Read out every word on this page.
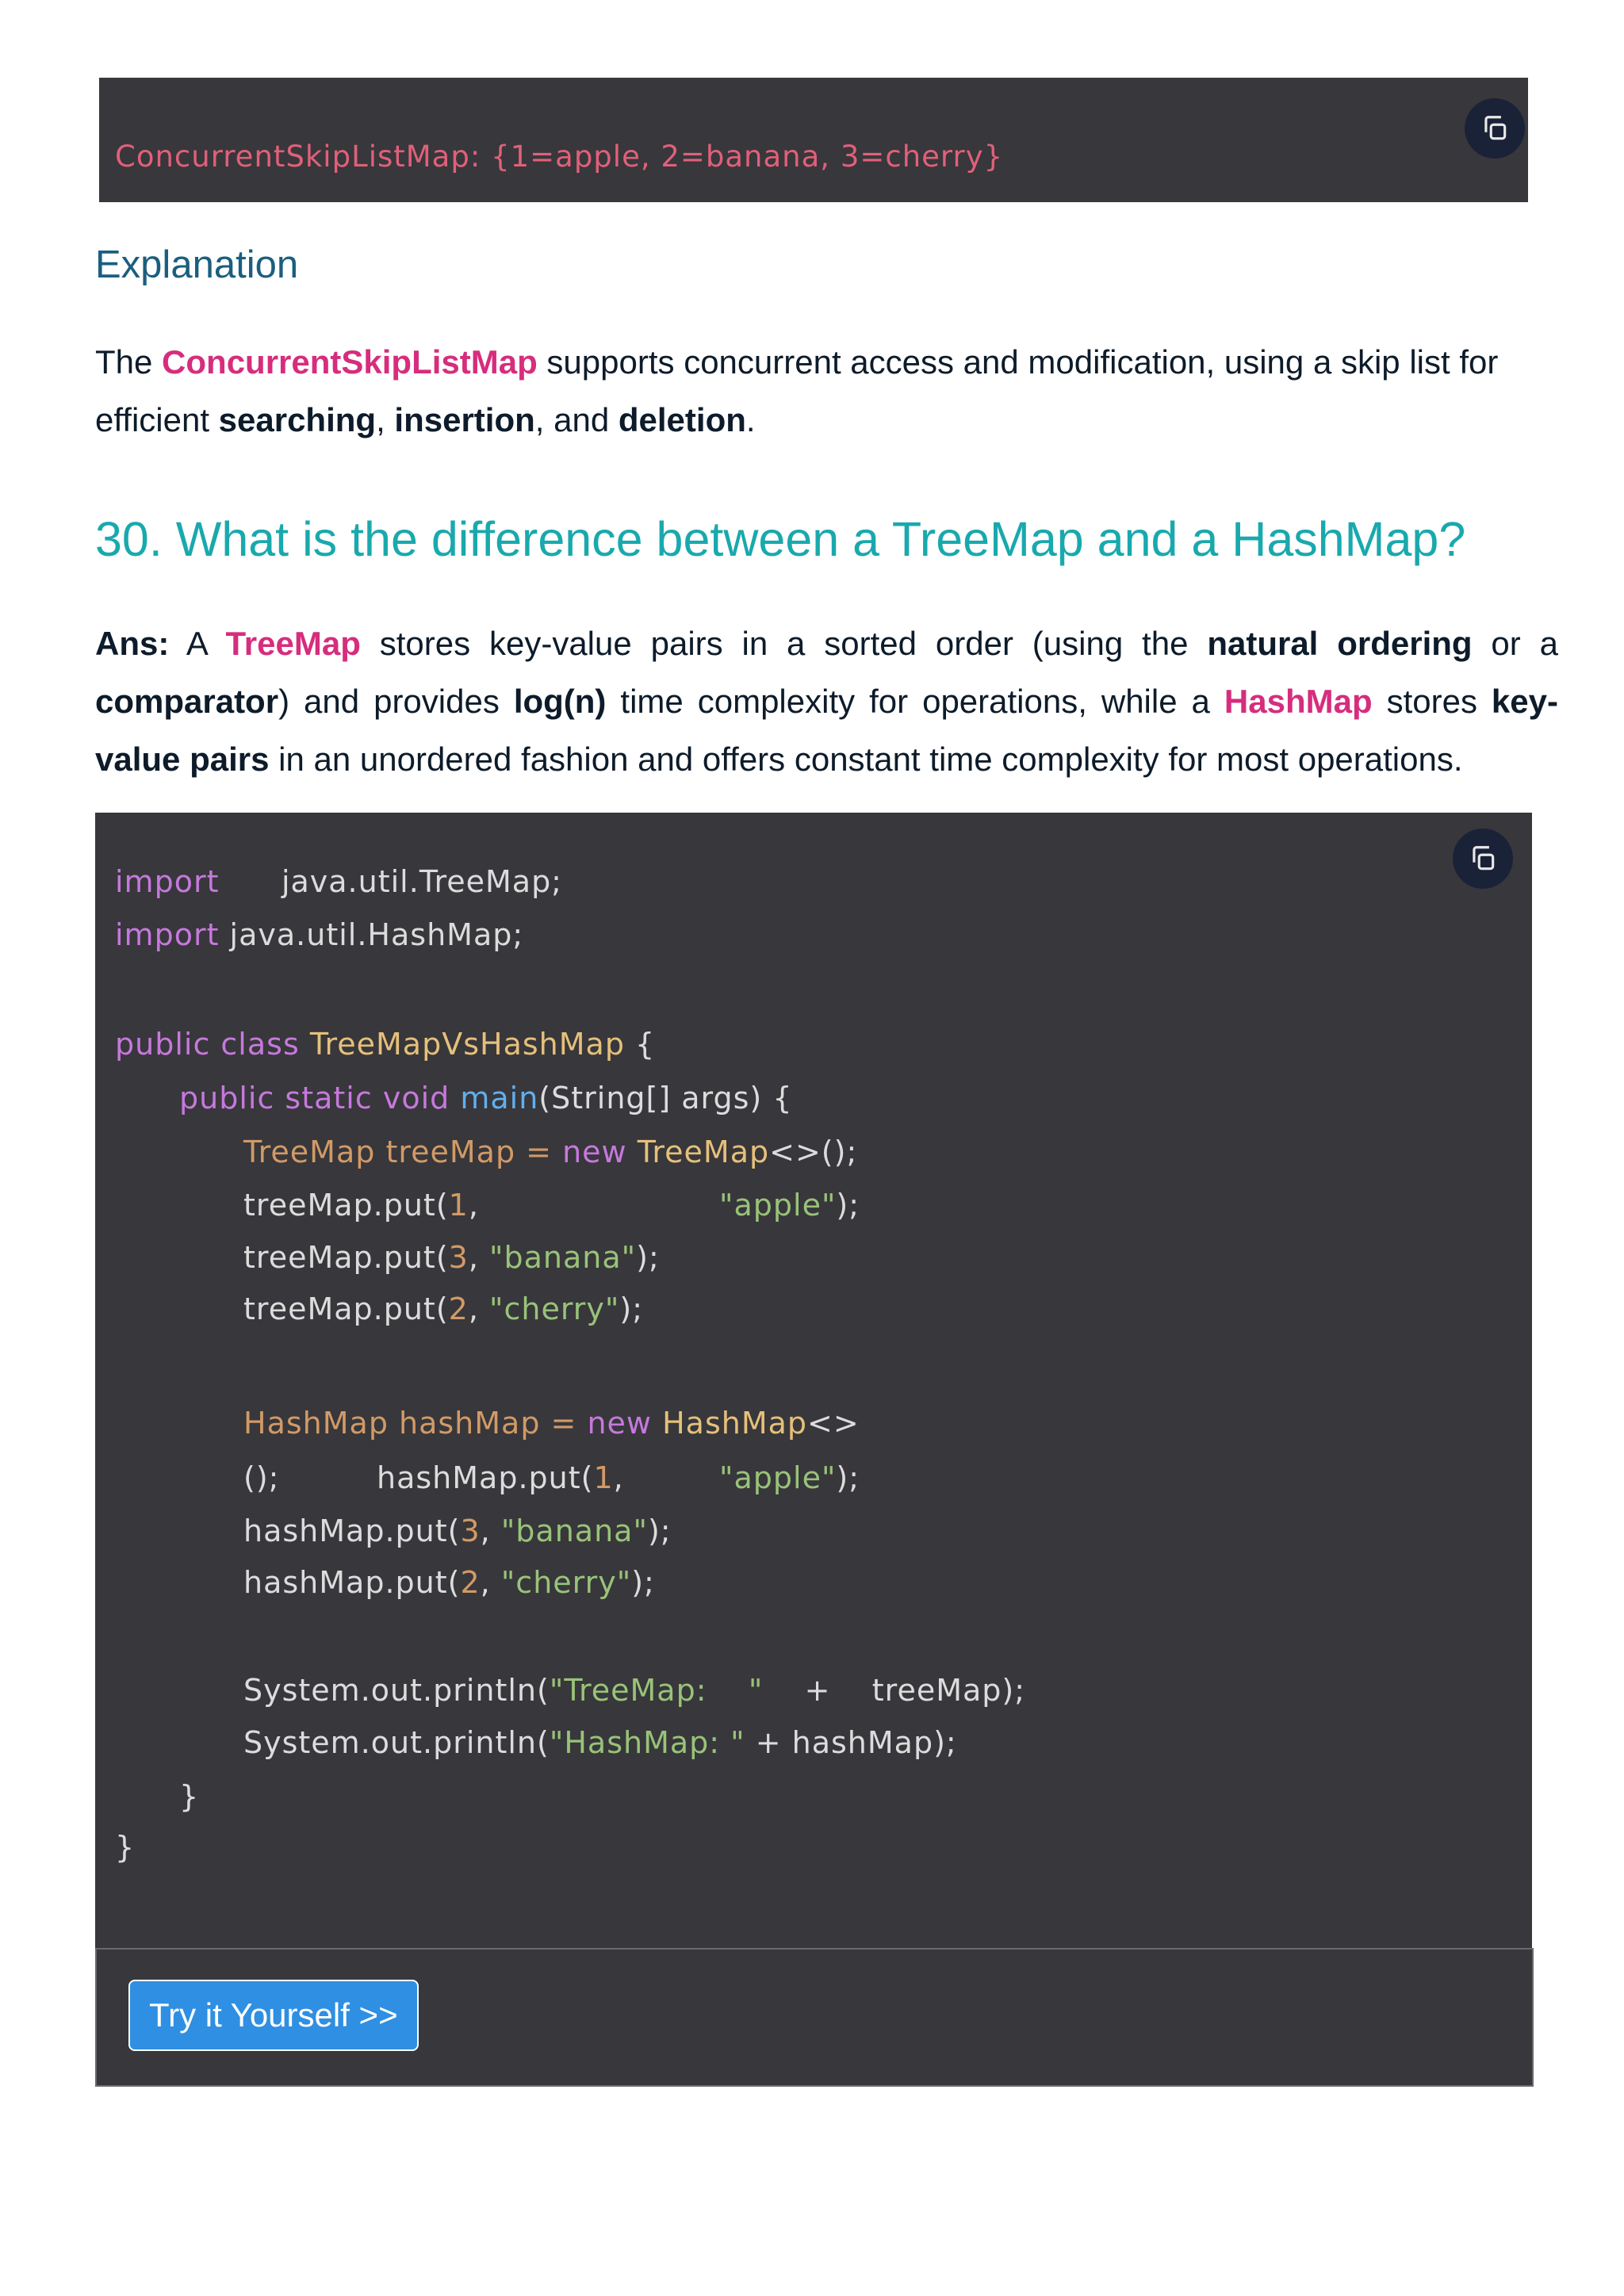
ConcurrentSkipListMap: {1=apple, 2=banana, 3=cherry}
Explanation

The ConcurrentSkipListMap supports concurrent access and modification, using a skip list for efficient searching, insertion, and deletion.

30. What is the difference between a TreeMap and a HashMap?

Ans: A TreeMap stores key-value pairs in a sorted order (using the natural ordering or a comparator) and provides log(n) time complexity for operations, while a HashMap stores key-value pairs in an unordered fashion and offers constant time complexity for most operations.

import      java.util.TreeMap;
import java.util.HashMap;
public class TreeMapVsHashMap {
public static void main(String[] args) {
TreeMap treeMap = new TreeMap<>();
treeMap.put(1,	"apple");
treeMap.put(3, "banana");
treeMap.put(2, "cherry");
HashMap hashMap = new HashMap<>
();	hashMap.put(1,	"apple");
hashMap.put(3, "banana");
hashMap.put(2, "cherry");
System.out.println("TreeMap:    "    +    treeMap);
System.out.println("HashMap: " + hashMap);
}
}
Try it Yourself >>
